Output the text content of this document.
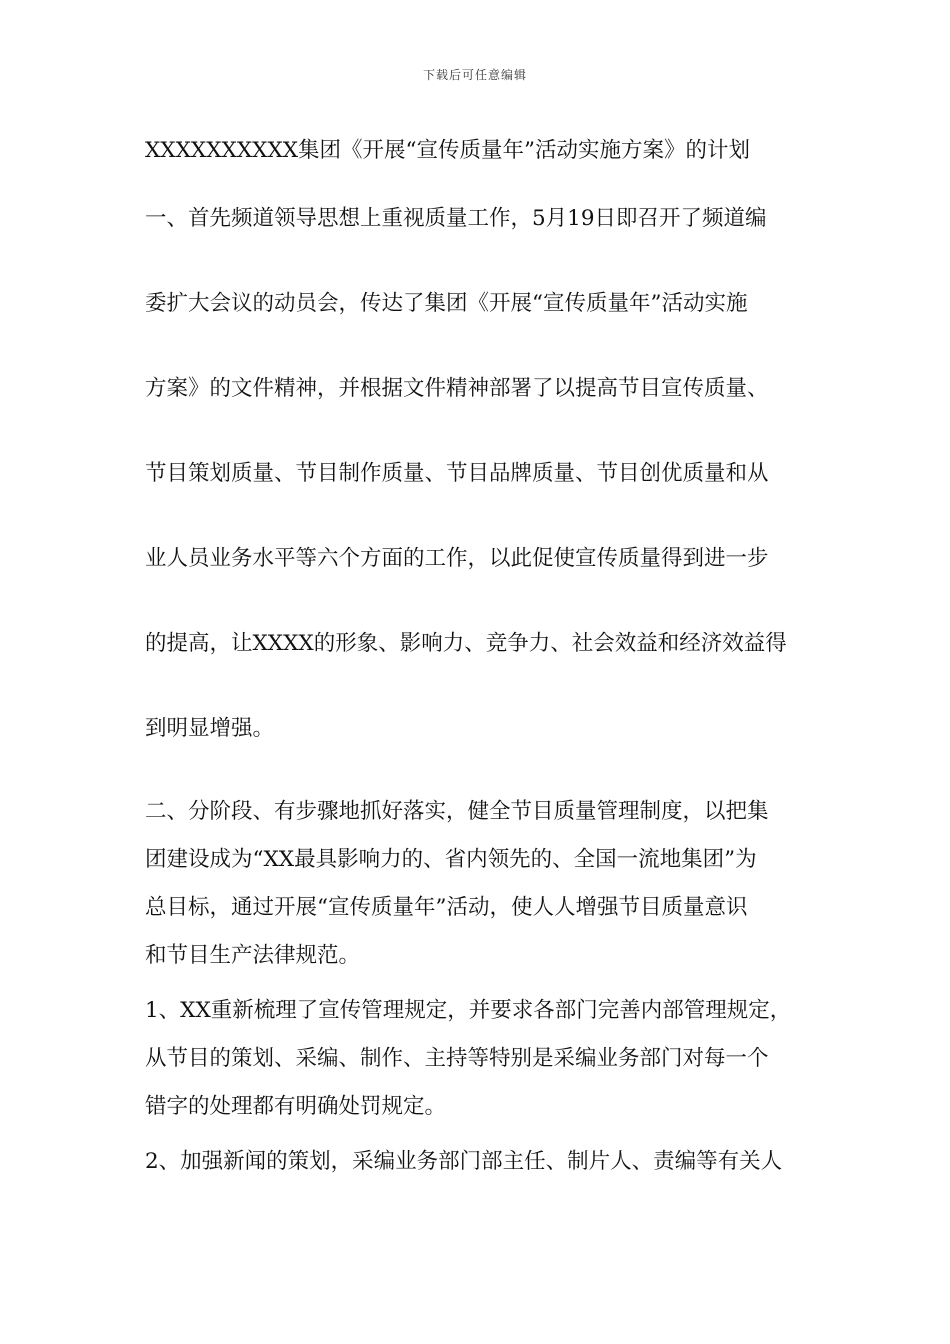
下载后可任意编辑
XXXXXXXXXX集团《开展“宣传质量年”活动实施方案》的计划
一、首先频道领导思想上重视质量工作，5月19日即召开了频道编
委扩大会议的动员会，传达了集团《开展“宣传质量年”活动实施
方案》的文件精神，并根据文件精神部署了以提高节目宣传质量、
节目策划质量、节目制作质量、节目品牌质量、节目创优质量和从
业人员业务水平等六个方面的工作，以此促使宣传质量得到进一步
的提高，让XXXX的形象、影响力、竞争力、社会效益和经济效益得
到明显增强。
二、分阶段、有步骤地抓好落实，健全节目质量管理制度，以把集
团建设成为“XX最具影响力的、省内领先的、全国一流地集团”为
总目标，通过开展“宣传质量年”活动，使人人增强节目质量意识
和节目生产法律规范。
1、XX重新梳理了宣传管理规定，并要求各部门完善内部管理规定，
从节目的策划、采编、制作、主持等特别是采编业务部门对每一个
错字的处理都有明确处罚规定。
2、加强新闻的策划，采编业务部门部主任、制片人、责编等有关人
